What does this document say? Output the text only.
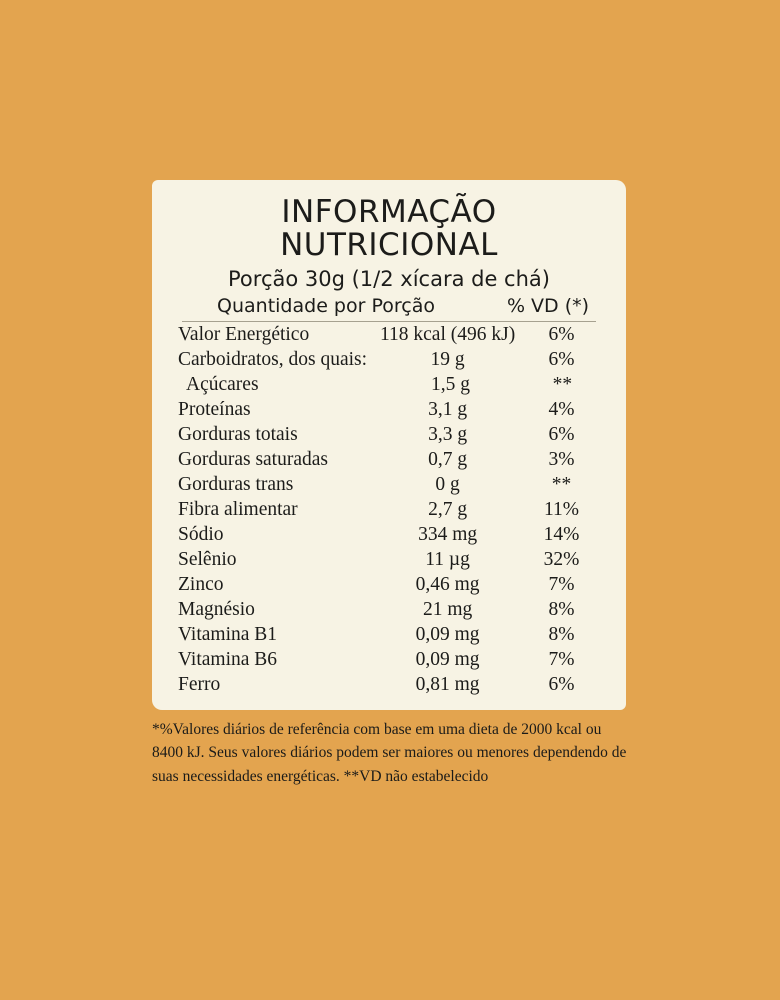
INFORMAÇÃO NUTRICIONAL
Porção 30g (1/2 xícara de chá)
Quantidade por Porção	% VD (*)
Valor Energético	118 kcal (496 kJ)	6%
Carboidratos, dos quais:	19 g	6%
Açúcares	1,5 g	**
Proteínas	3,1 g	4%
Gorduras totais	3,3 g	6%
Gorduras saturadas	0,7 g	3%
Gorduras trans	0 g	**
Fibra alimentar	2,7 g	11%
Sódio	334 mg	14%
Selênio	11 µg	32%
Zinco	0,46 mg	7%
Magnésio	21 mg	8%
Vitamina B1	0,09 mg	8%
Vitamina B6	0,09 mg	7%
Ferro	0,81 mg	6%
*%Valores diários de referência com base em uma dieta de 2000 kcal ou 8400 kJ. Seus valores diários podem ser maiores ou menores dependendo de suas necessidades energéticas. **VD não estabelecido
